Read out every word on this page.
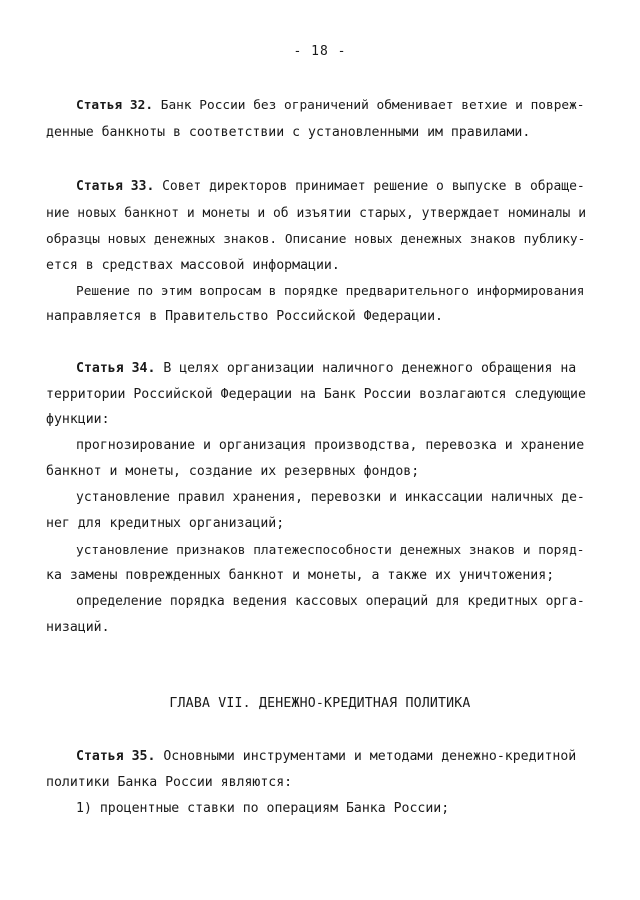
- 18 -
Статья 32. Банк России без ограничений обменивает ветхие и повреж-
денные банкноты в соответствии с установленными им правилами.
Статья 33. Совет директоров принимает решение о выпуске в обраще-
ние новых банкнот и монеты и об изъятии старых, утверждает номиналы и
образцы новых денежных знаков. Описание новых денежных знаков публику-
ется в средствах массовой информации.
Решение по этим вопросам в порядке предварительного информирования
направляется в Правительство Российской Федерации.
Статья 34. В целях организации наличного денежного обращения на
территории Российской Федерации на Банк России возлагаются следующие
функции:
прогнозирование и организация производства, перевозка и хранение
банкнот и монеты, создание их резервных фондов;
установление правил хранения, перевозки и инкассации наличных де-
нег для кредитных организаций;
установление признаков платежеспособности денежных знаков и поряд-
ка замены поврежденных банкнот и монеты, а также их уничтожения;
определение порядка ведения кассовых операций для кредитных орга-
низаций.
ГЛАВА VII. ДЕНЕЖНО-КРЕДИТНАЯ ПОЛИТИКА
Статья 35. Основными инструментами и методами денежно-кредитной
политики Банка России являются:
1) процентные ставки по операциям Банка России;
